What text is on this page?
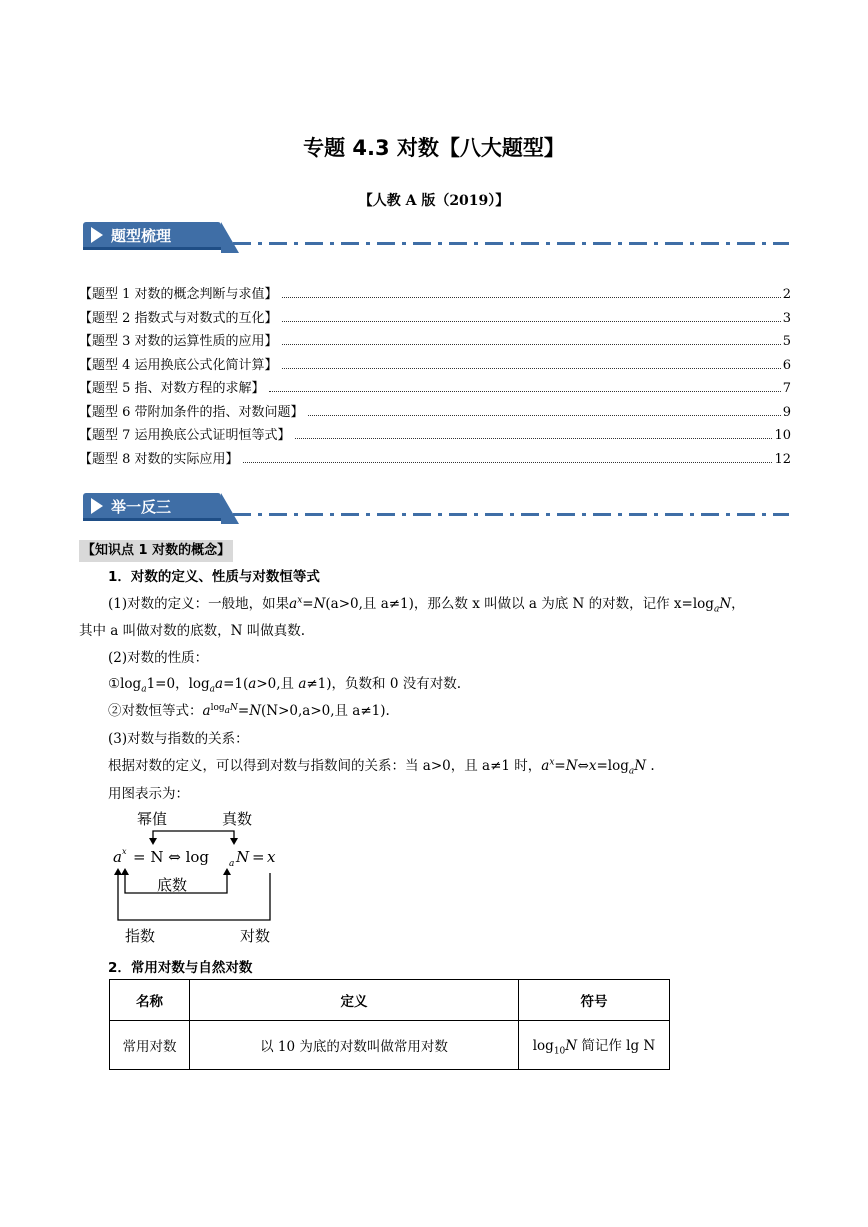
专题 4.3 对数【八大题型】
【人教 A 版（2019）】
题型梳理
【题型 1 对数的概念判断与求值】	2
【题型 2 指数式与对数式的互化】	3
【题型 3 对数的运算性质的应用】	5
【题型 4 运用换底公式化简计算】	6
【题型 5 指、对数方程的求解】	7
【题型 6 带附加条件的指、对数问题】	9
【题型 7 运用换底公式证明恒等式】	10
【题型 8 对数的实际应用】	12
举一反三
【知识点 1 对数的概念】
1．对数的定义、性质与对数恒等式
(1)对数的定义：一般地，如果$a^x=N(a>0$,且 a≠1)，那么数 x 叫做以 a 为底 N 的对数，记作 $x=\log_aN$，
其中 a 叫做对数的底数，N 叫做真数.
(2)对数的性质：
$①\log_a1=0$，$\log_aa=1(a>0$,且 a≠1)，负数和 0 没有对数.
②对数恒等式：$a^{log_aN}=N(N>0,a>0$,且 a≠1).
(3)对数与指数的关系：
根据对数的定义，可以得到对数与指数间的关系：当 a>0，且 a≠1 时，$a^x=N\Leftrightarrow x=\log_aN$ .
用图表示为：
幂值	真数
a x = N ⇔ log a N = x
底数
指数	对数
2．常用对数与自然对数
名称	定义	符号
常用对数	以 10 为底的对数叫做常用对数	$\log_{10}N$ 简记作 lg N
